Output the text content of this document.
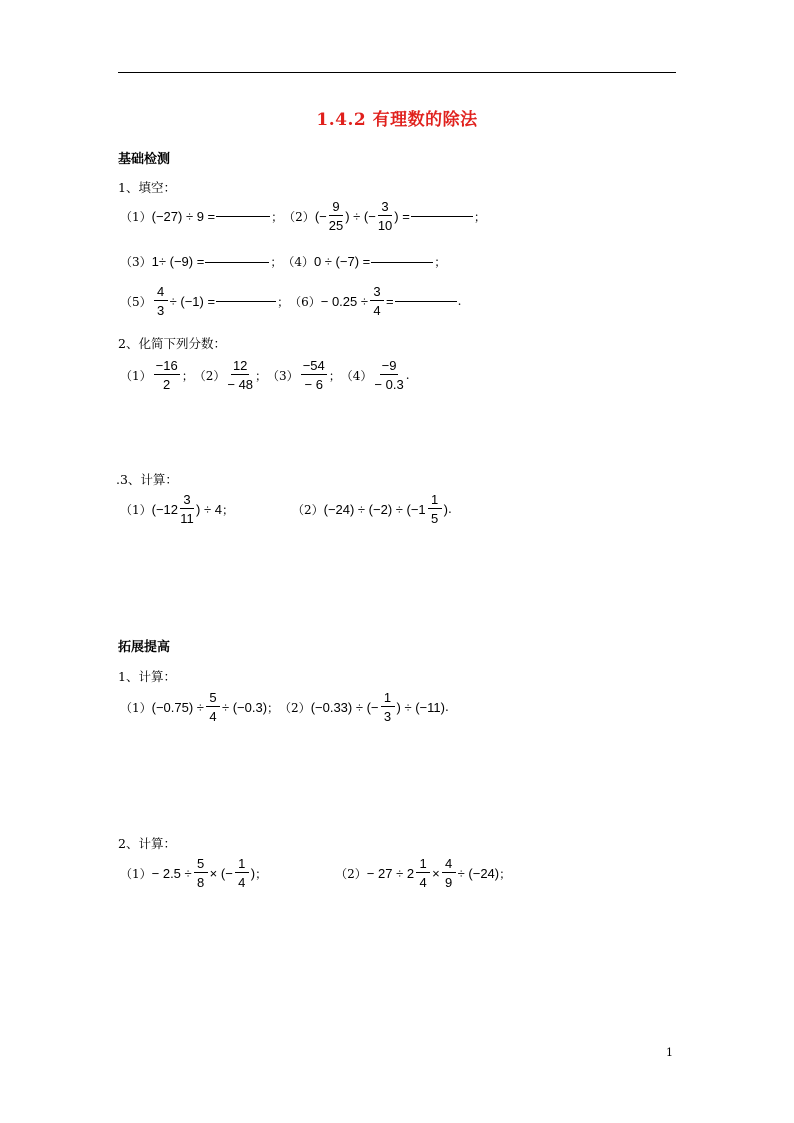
1.4.2 有理数的除法
基础检测
1、填空：
（1） (−27) ÷ 9 =	； （2） (− $\frac{9}{25}$ ) ÷ (− $\frac{3}{10}$ ) =	；
（3） 1÷ (−9) =	； （4） 0 ÷ (−7) =	；
$(5) \frac{4}{3} \div (-1)$ =	； $(6) - 0.25 \div \frac{3}{4}$ =	.
2、化简下列分数：
$(1) \frac{-16}{2}$ ； $(2) \frac{12}{- 48}$ ； $(3) \frac{-54}{- 6}$ ； $(4) \frac{-9}{- 0.3}$ .
.3、计算：
（1） ($-12 \frac{3}{11}$ ) ÷ 4 ；	（2） $(-24) \div (-2) \div (-1 \frac{1}{5}$ ) .
拓展提高
1、计算：
（1） $(-0.75) \div \frac{5}{4} \div (-0.3)$ ； （2） (−0.33) ÷ (− $\frac{1}{3}$ ) ÷ (−11) .
2、计算：
$(1) - 2.5 \div \frac{5}{8}$ × (− $\frac{1}{4}$ ) ；	$(2) - 27 \div 2 \frac{1}{4} \times \frac{4}{9} \div (-24)$ ；
1
